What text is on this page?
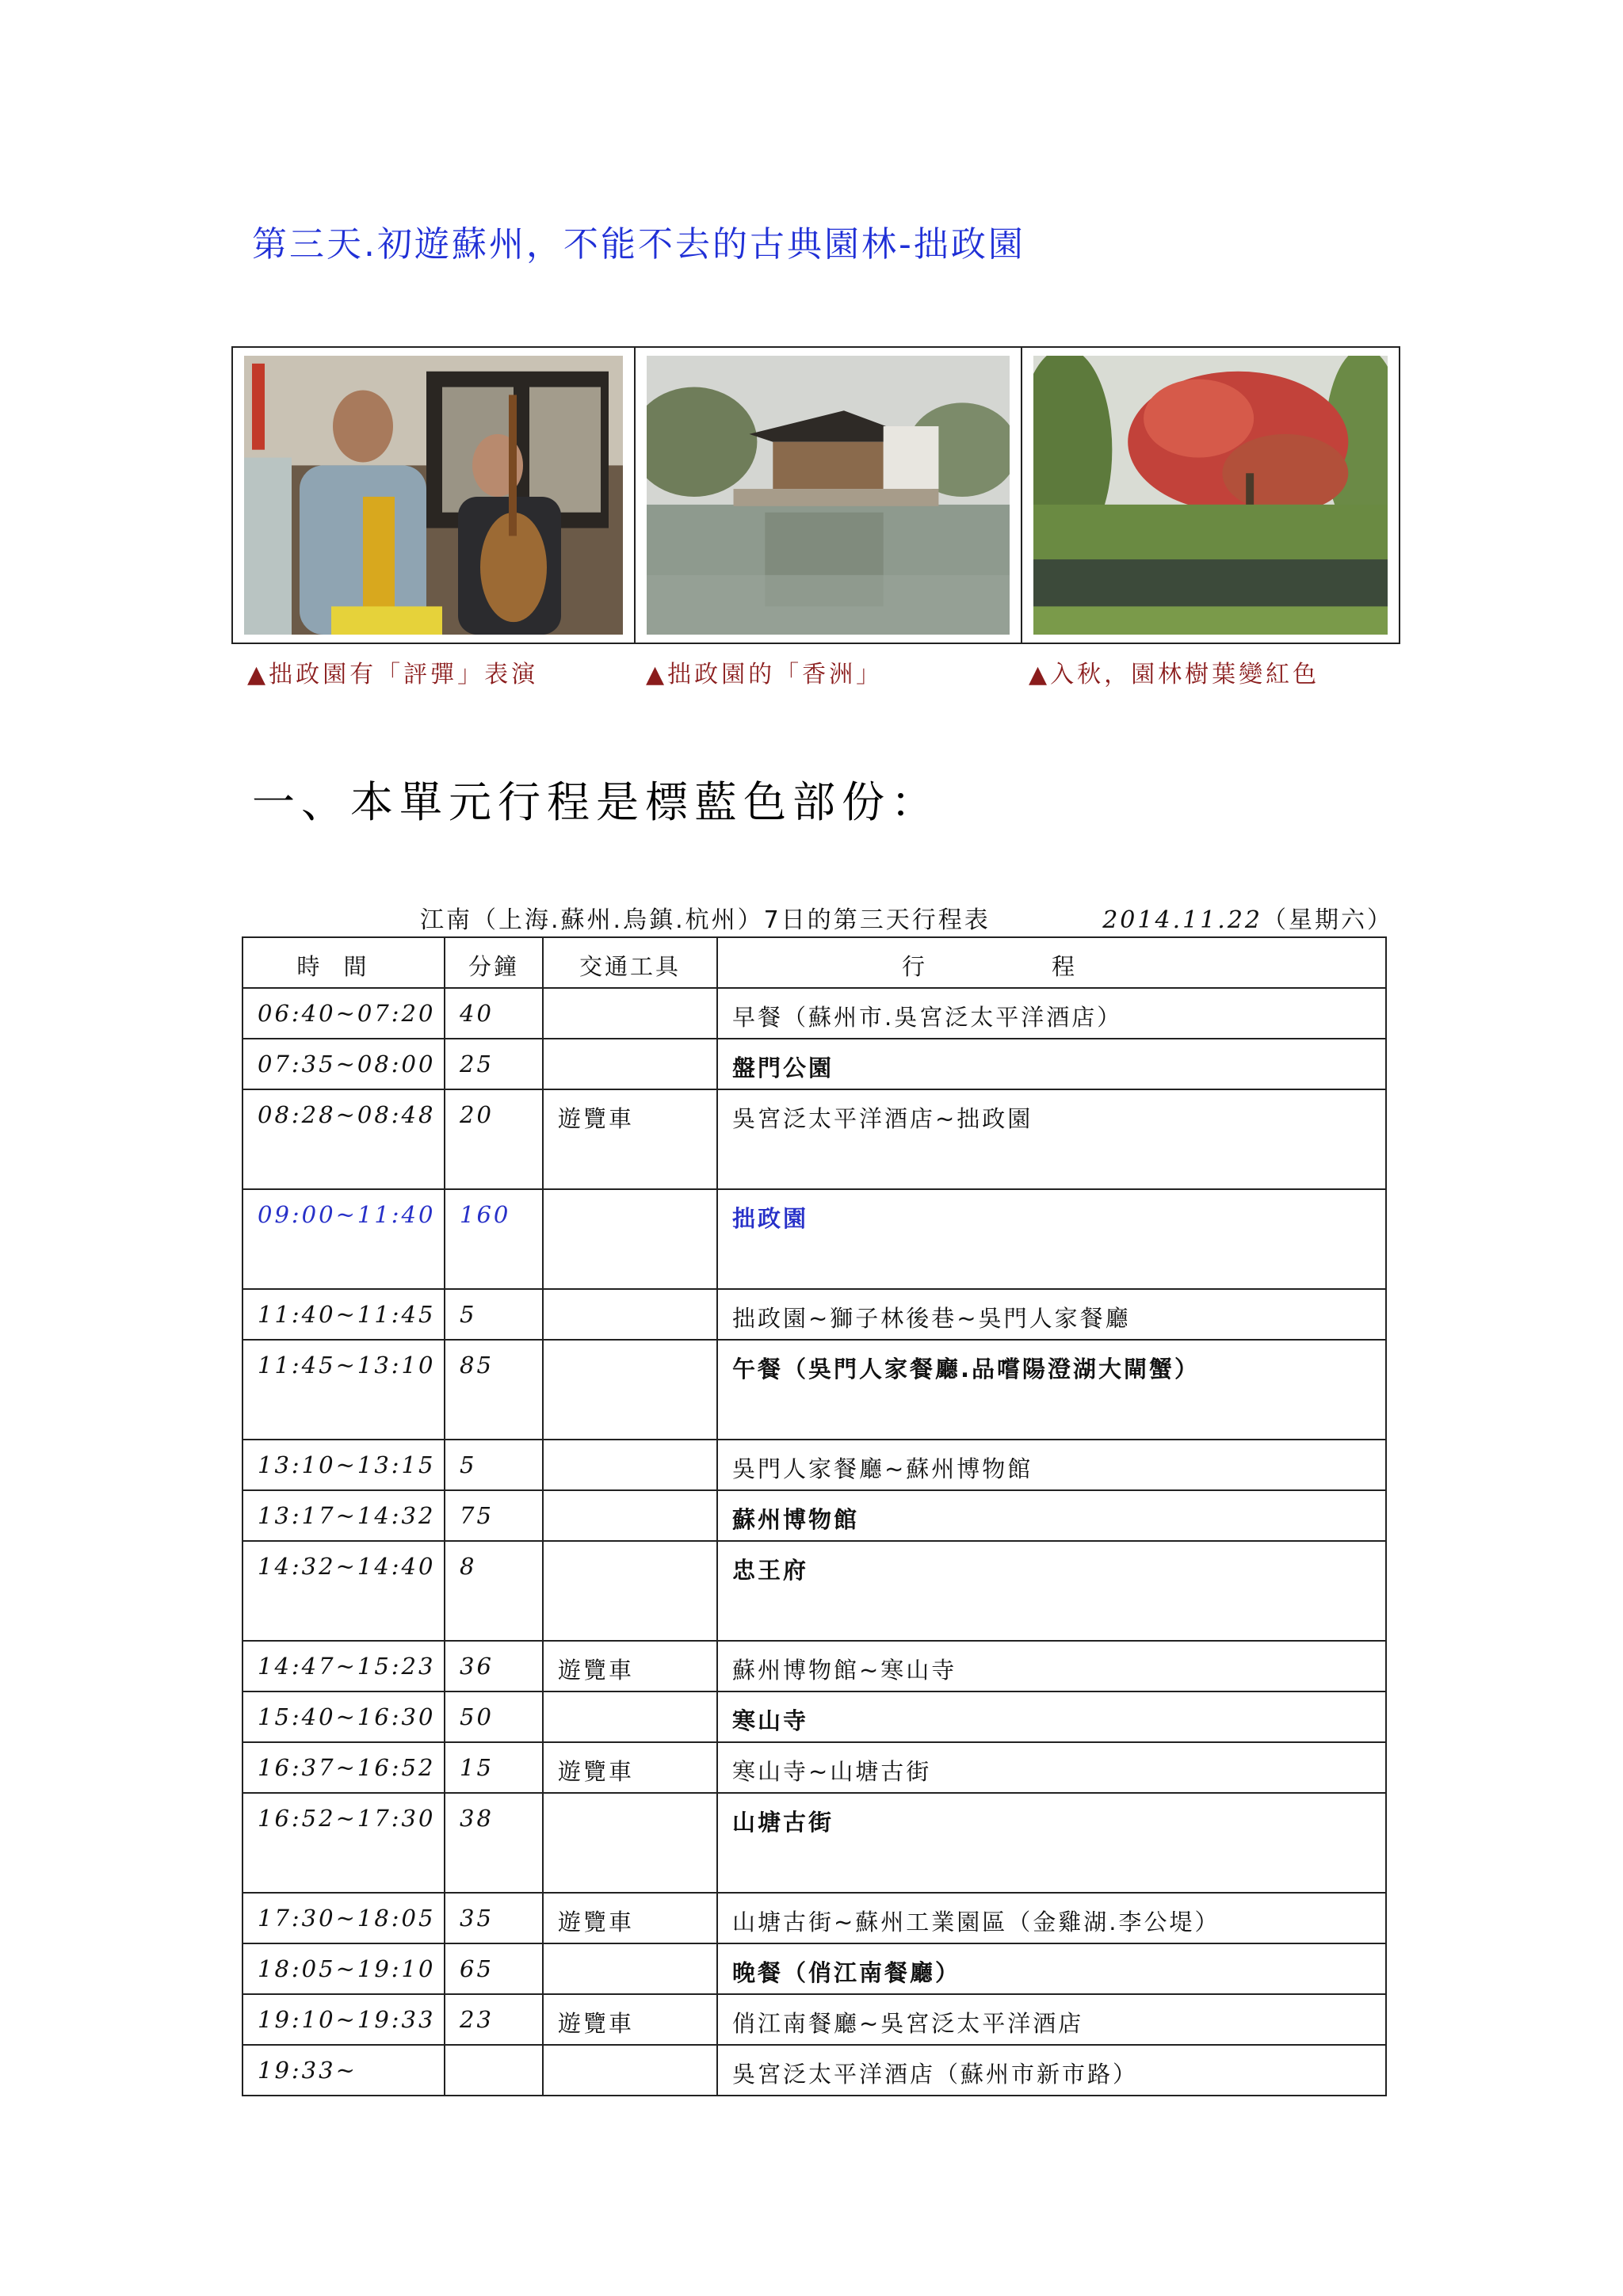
第三天.初遊蘇州，不能不去的古典園林-拙政園
▲拙政園有「評彈」表演	▲拙政園的「香洲」	▲入秋，園林樹葉變紅色
一、本單元行程是標藍色部份：
江南（上海.蘇州.烏鎮.杭州）7日的第三天行程表	2014.11.22（星期六）
時間	分鐘	交通工具	行程
06:40~07:20	40		早餐（蘇州市.吳宮泛太平洋酒店）
07:35~08:00	25		盤門公園
08:28~08:48	20	遊覽車	吳宮泛太平洋酒店~拙政園
09:00~11:40	160		拙政園
11:40~11:45	5		拙政園~獅子林後巷~吳門人家餐廳
11:45~13:10	85		午餐（吳門人家餐廳.品嚐陽澄湖大閘蟹）
13:10~13:15	5		吳門人家餐廳~蘇州博物館
13:17~14:32	75		蘇州博物館
14:32~14:40	8		忠王府
14:47~15:23	36	遊覽車	蘇州博物館~寒山寺
15:40~16:30	50		寒山寺
16:37~16:52	15	遊覽車	寒山寺~山塘古街
16:52~17:30	38		山塘古街
17:30~18:05	35	遊覽車	山塘古街~蘇州工業園區（金雞湖.李公堤）
18:05~19:10	65		晚餐（俏江南餐廳）
19:10~19:33	23	遊覽車	俏江南餐廳~吳宮泛太平洋酒店
19:33~			吳宮泛太平洋酒店（蘇州市新市路）
